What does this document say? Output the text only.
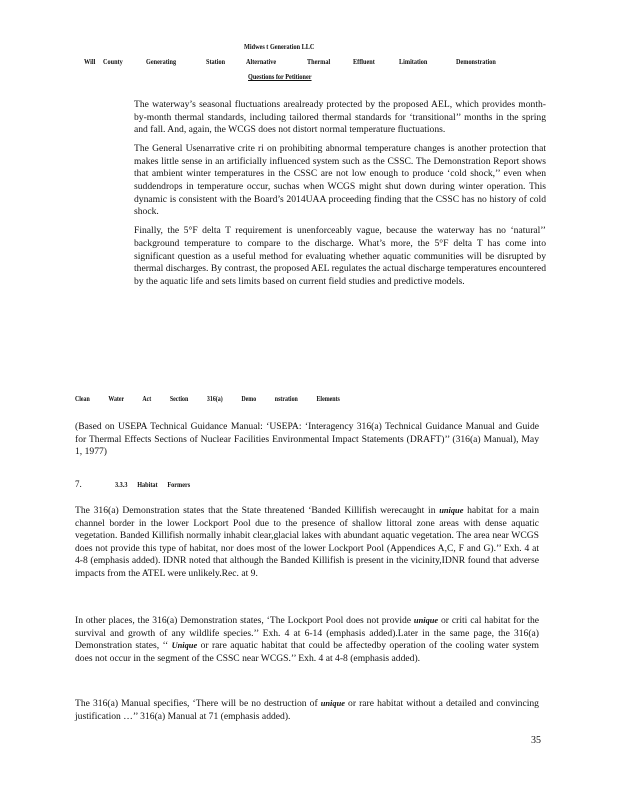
Midwes t Generation LLC
Will County	Generating	Station	Alternative	Thermal	Effluent	Limitation	Demonstration
Questions for Petitioner
The waterway’s seasonal fluctuations arealready protected by the proposed AEL, which provides month- by-month thermal standards, including tailored thermal standards for ‘transitional’’ months in the spring and fall. And, again, the WCGS does not distort normal temperature fluctuations.
The General Usenarrative crite ri on prohibiting abnormal temperature changes is another protection that makes little sense in an artificially influenced system such as the CSSC. The Demonstration Report shows that ambient winter temperatures in the CSSC are not low enough to produce ‘cold shock,’’ even when suddendrops in temperature occur, suchas when WCGS might shut down during winter operation. This dynamic is consistent with the Board’s 2014UAA proceeding finding that the CSSC has no history of cold shock.
Finally, the 5°F delta T requirement is unenforceably vague, because the waterway has no ‘natural’’ background temperature to compare to the discharge. What’s more, the 5°F delta T has come into significant question as a useful method for evaluating whether aquatic communities will be disrupted by thermal discharges. By contrast, the proposed AEL regulates the actual discharge temperatures encountered by the aquatic life and sets limits based on current field studies and predictive models.
Clean Water Act Section 316(a) Demo nstration Elements
(Based on USEPA Technical Guidance Manual: ‘USEPA: ‘Interagency 316(a) Technical Guidance Manual and Guide for Thermal Effects Sections of Nuclear Facilities Environmental Impact Statements (DRAFT)’’ (316(a) Manual), May 1, 1977)
7.	3.3.3 Habitat Formers
The 316(a) Demonstration states that the State threatened ‘Banded Killifish werecaught in unique habitat for a main channel border in the lower Lockport Pool due to the presence of shallow littoral zone areas with dense aquatic vegetation. Banded Killifish normally inhabit clear,glacial lakes with abundant aquatic vegetation. The area near WCGS does not provide this type of habitat, nor does most of the lower Lockport Pool (Appendices A,C, F and G).’’ Exh. 4 at 4-8 (emphasis added). IDNR noted that although the Banded Killifish is present in the vicinity,IDNR found that adverse impacts from the ATEL were unlikely.Rec. at 9.
In other places, the 316(a) Demonstration states, ‘The Lockport Pool does not provide unique or criti cal habitat for the survival and growth of any wildlife species.’’ Exh. 4 at 6-14 (emphasis added).Later in the same page, the 316(a) Demonstration states, ‘‘ Unique or rare aquatic habitat that could be affectedby operation of the cooling water system does not occur in the segment of the CSSC near WCGS.’’ Exh. 4 at 4-8 (emphasis added).
The 316(a) Manual specifies, ‘There will be no destruction of unique or rare habitat without a detailed and convincing justification …’’ 316(a) Manual at 71 (emphasis added).
35
